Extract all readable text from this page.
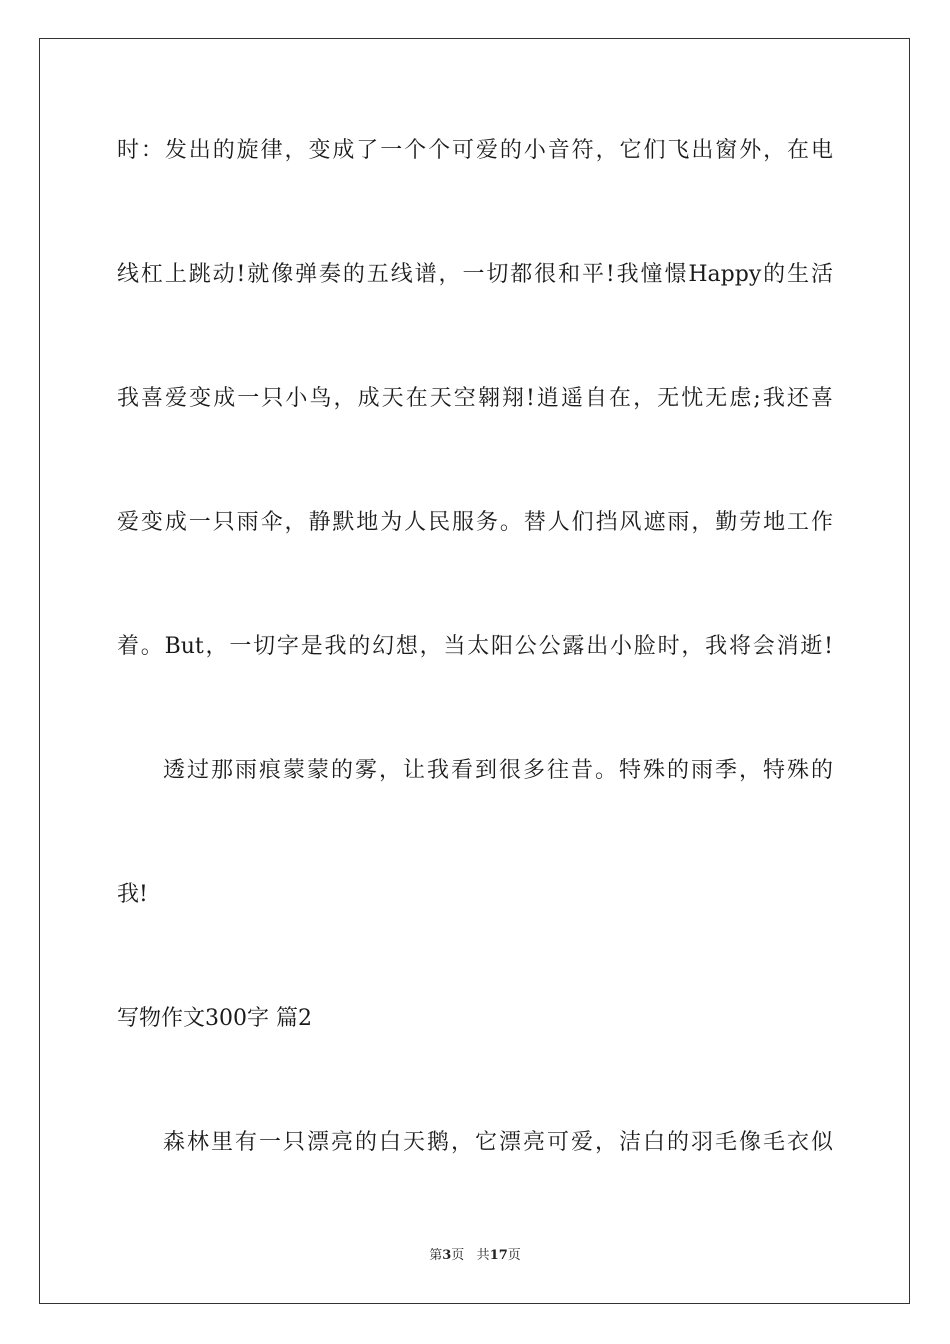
时：发出的旋律，变成了一个个可爱的小音符，它们飞出窗外，在电
线杠上跳动!就像弹奏的五线谱，一切都很和平!我憧憬Happy的生活
我喜爱变成一只小鸟，成天在天空翱翔!逍遥自在，无忧无虑;我还喜
爱变成一只雨伞，静默地为人民服务。替人们挡风遮雨，勤劳地工作
着。But，一切字是我的幻想，当太阳公公露出小脸时，我将会消逝!
透过那雨痕蒙蒙的雾，让我看到很多往昔。特殊的雨季，特殊的
我!
写物作文300字 篇2
森林里有一只漂亮的白天鹅，它漂亮可爱，洁白的羽毛像毛衣似
第3页 共17页
